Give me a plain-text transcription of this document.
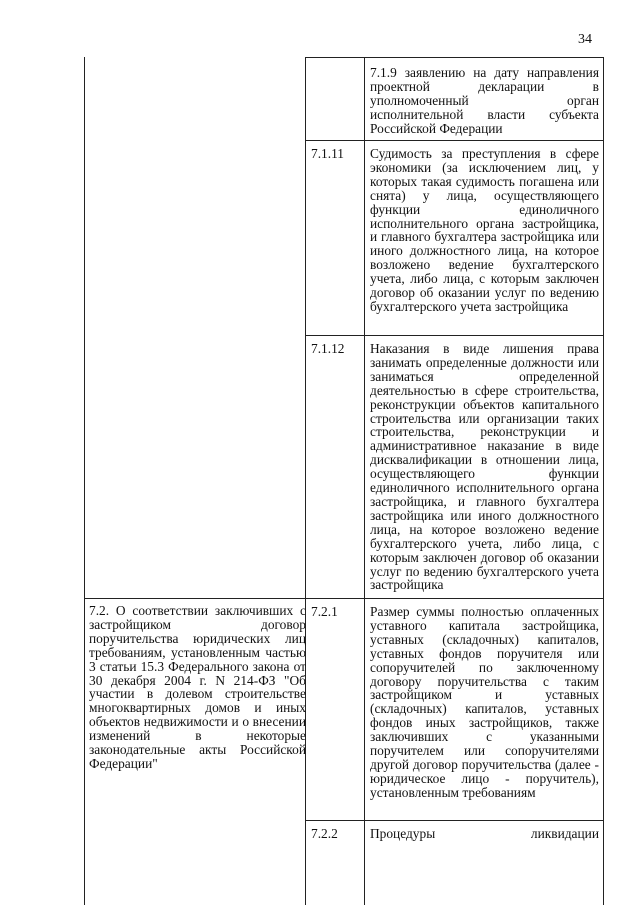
34
7.1.9 заявлению на дату направления проектной декларации в уполномоченный орган исполнительной власти субъекта Российской Федерации
7.1.11 Судимость за преступления в сфере экономики (за исключением лиц, у которых такая судимость погашена или снята) у лица, осуществляющего функции единоличного исполнительного органа застройщика, и главного бухгалтера застройщика или иного должностного лица, на которое возложено ведение бухгалтерского учета, либо лица, с которым заключен договор об оказании услуг по ведению бухгалтерского учета застройщика
7.1.12 Наказания в виде лишения права занимать определенные должности или заниматься определенной деятельностью в сфере строительства, реконструкции объектов капитального строительства или организации таких строительства, реконструкции и административное наказание в виде дисквалификации в отношении лица, осуществляющего функции единоличного исполнительного органа застройщика, и главного бухгалтера застройщика или иного должностного лица, на которое возложено ведение бухгалтерского учета, либо лица, с которым заключен договор об оказании услуг по ведению бухгалтерского учета застройщика
7.2. О соответствии заключивших с застройщиком договор поручительства юридических лиц требованиям, установленным частью 3 статьи 15.3 Федерального закона от 30 декабря 2004 г. N 214-ФЗ "Об участии в долевом строительстве многоквартирных домов и иных объектов недвижимости и о внесении изменений в некоторые законодательные акты Российской Федерации"
7.2.1 Размер суммы полностью оплаченных уставного капитала застройщика, уставных (складочных) капиталов, уставных фондов поручителя или сопоручителей по заключенному договору поручительства с таким застройщиком и уставных (складочных) капиталов, уставных фондов иных застройщиков, также заключивших с указанными поручителем или сопоручителями другой договор поручительства (далее - юридическое лицо - поручитель), установленным требованиям
7.2.2 Процедуры ликвидации
